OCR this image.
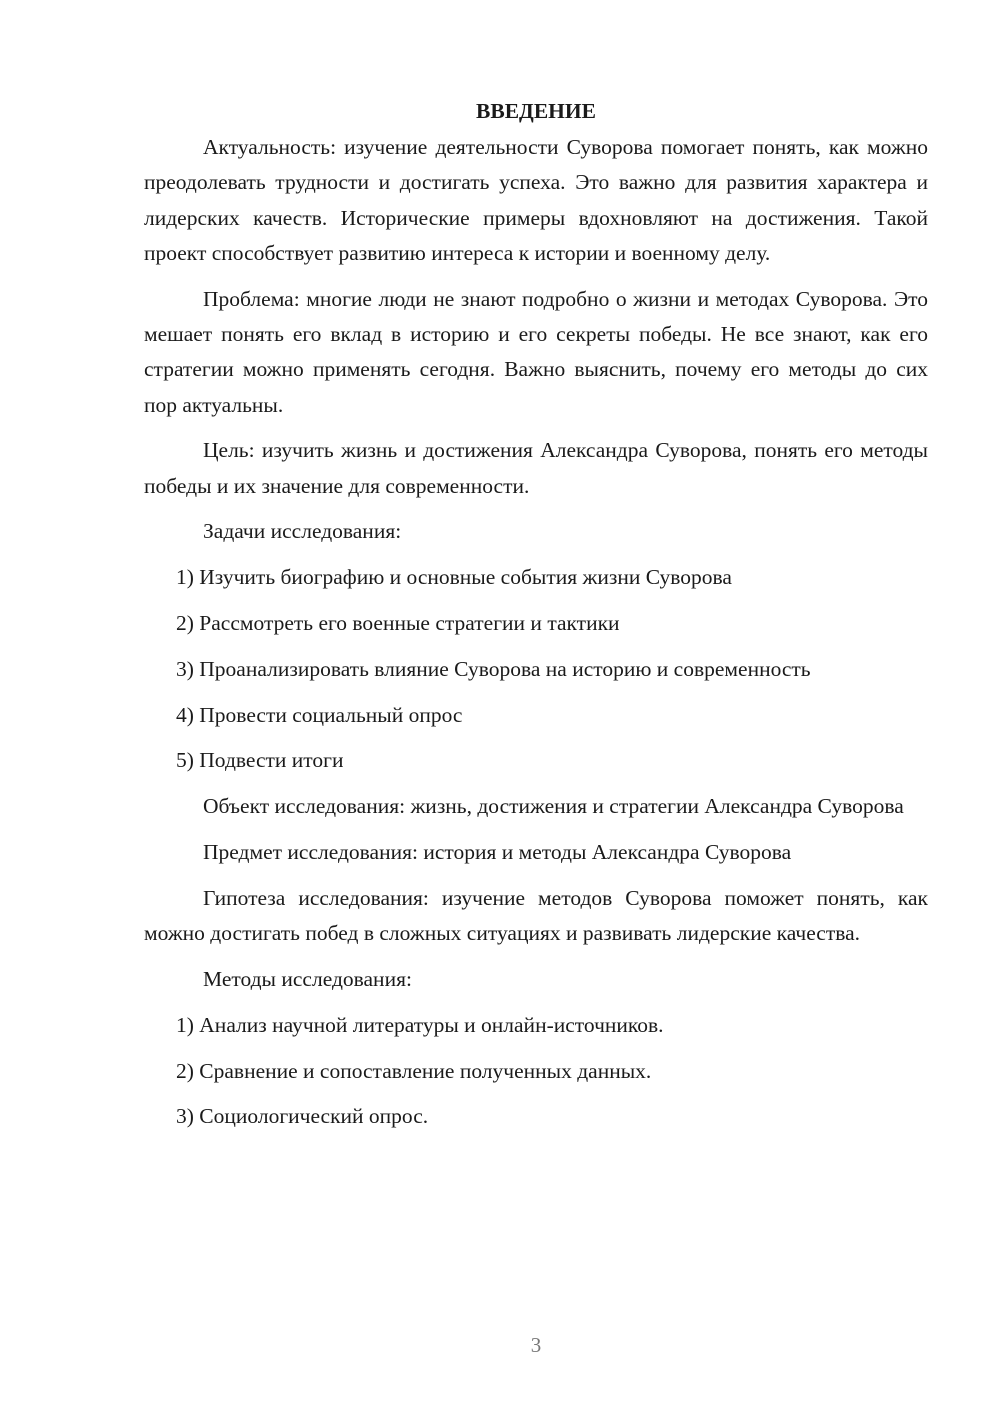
ВВЕДЕНИЕ
Актуальность: изучение деятельности Суворова помогает понять, как можно преодолевать трудности и достигать успеха. Это важно для развития характера и лидерских качеств. Исторические примеры вдохновляют на достижения. Такой проект способствует развитию интереса к истории и военному делу.
Проблема: многие люди не знают подробно о жизни и методах Суворова. Это мешает понять его вклад в историю и его секреты победы. Не все знают, как его стратегии можно применять сегодня. Важно выяснить, почему его методы до сих пор актуальны.
Цель: изучить жизнь и достижения Александра Суворова, понять его методы победы и их значение для современности.
Задачи исследования:
1) Изучить биографию и основные события жизни Суворова
2) Рассмотреть его военные стратегии и тактики
3) Проанализировать влияние Суворова на историю и современность
4) Провести социальный опрос
5) Подвести итоги
Объект исследования: жизнь, достижения и стратегии Александра Суворова
Предмет исследования: история и методы Александра Суворова
Гипотеза исследования: изучение методов Суворова поможет понять, как можно достигать побед в сложных ситуациях и развивать лидерские качества.
Методы исследования:
1) Анализ научной литературы и онлайн-источников.
2) Сравнение и сопоставление полученных данных.
3) Социологический опрос.
3
